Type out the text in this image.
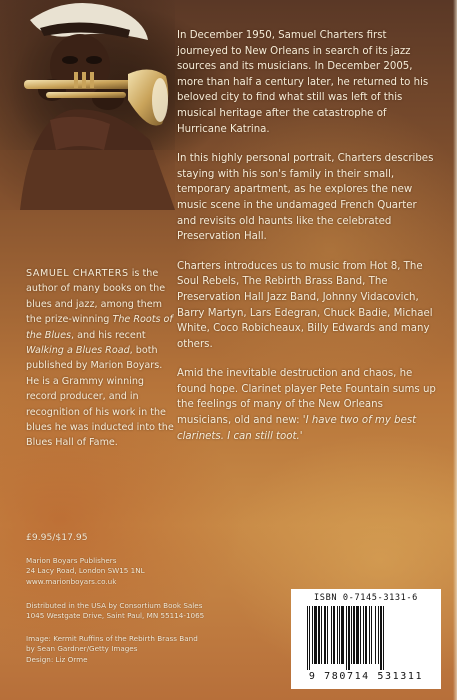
In December 1950, Samuel Charters first journeyed to New Orleans in search of its jazz sources and its musicians. In December 2005, more than half a century later, he returned to his beloved city to find what still was left of this musical heritage after the catastrophe of Hurricane Katrina.

In this highly personal portrait, Charters describes staying with his son's family in their small, temporary apartment, as he explores the new music scene in the undamaged French Quarter and revisits old haunts like the celebrated Preservation Hall.

Charters introduces us to music from Hot 8, The Soul Rebels, The Rebirth Brass Band, The Preservation Hall Jazz Band, Johnny Vidacovich, Barry Martyn, Lars Edegran, Chuck Badie, Michael White, Coco Robicheaux, Billy Edwards and many others.

Amid the inevitable destruction and chaos, he found hope. Clarinet player Pete Fountain sums up the feelings of many of the New Orleans musicians, old and new: 'I have two of my best clarinets. I can still toot.'

SAMUEL CHARTERS is the author of many books on the blues and jazz, among them the prize-winning The Roots of the Blues, and his recent Walking a Blues Road, both published by Marion Boyars. He is a Grammy winning record producer, and in recognition of his work in the blues he was inducted into the Blues Hall of Fame.
£9.95/$17.95
Marion Boyars Publishers
24 Lacy Road, London SW15 1NL
www.marionboyars.co.uk
Distributed in the USA by Consortium Book Sales
1045 Westgate Drive, Saint Paul, MN 55114-1065
Image: Kermit Ruffins of the Rebirth Brass Band
by Sean Gardner/Getty Images
Design: Liz Orme
ISBN 0-7145-3131-6
9 780714 531311
